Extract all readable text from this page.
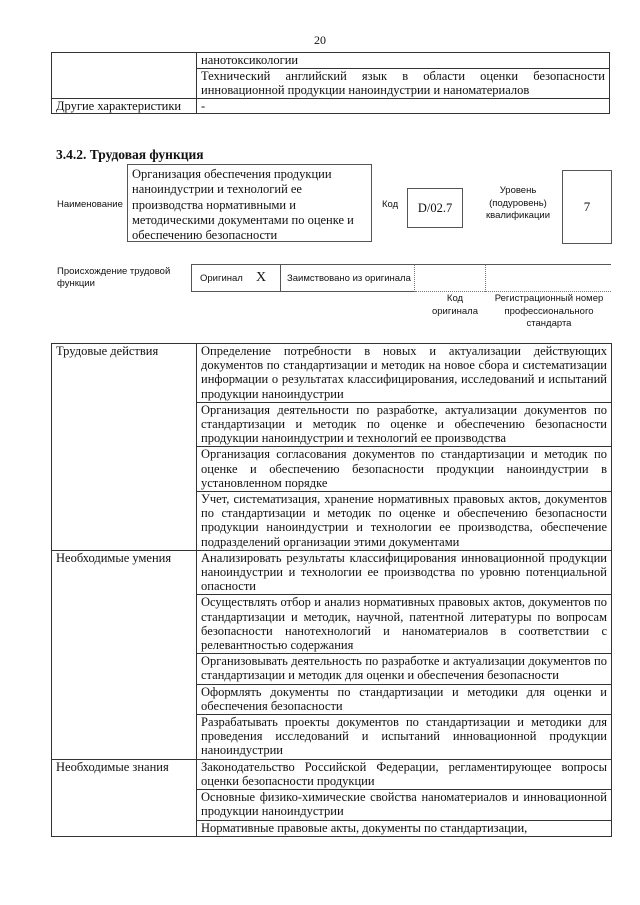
20
	нанотоксикологии
	Технический английский язык в области оценки безопасности инновационной продукции наноиндустрии и наноматериалов
Другие характеристики	-
3.4.2. Трудовая функция
Наименование
Организация обеспечения продукции наноиндустрии и технологий ее производства нормативными и методическими документами по оценке и обеспечению безопасности
Код	D/02.7
Уровень (подуровень) квалификации
7
Происхождение трудовой функции	Оригинал X Заимствовано из оригинала
Код оригинала
Регистрационный номер профессионального стандарта
Трудовые действия	Определение потребности в новых и актуализации действующих документов по стандартизации и методик на новое сбора и систематизации информации о результатах классифицирования, исследований и испытаний продукции наноиндустрии
	Организация деятельности по разработке, актуализации документов по стандартизации и методик по оценке и обеспечению безопасности продукции наноиндустрии и технологий ее производства
	Организация согласования документов по стандартизации и методик по оценке и обеспечению безопасности продукции наноиндустрии в установленном порядке
	Учет, систематизация, хранение нормативных правовых актов, документов по стандартизации и методик по оценке и обеспечению безопасности продукции наноиндустрии и технологии ее производства, обеспечение подразделений организации этими документами
Необходимые умения	Анализировать результаты классифицирования инновационной продукции наноиндустрии и технологии ее производства по уровню потенциальной опасности
	Осуществлять отбор и анализ нормативных правовых актов, документов по стандартизации и методик, научной, патентной литературы по вопросам безопасности нанотехнологий и наноматериалов в соответствии с релевантностью содержания
	Организовывать деятельность по разработке и актуализации документов по стандартизации и методик для оценки и обеспечения безопасности
	Оформлять документы по стандартизации и методики для оценки и обеспечения безопасности
	Разрабатывать проекты документов по стандартизации и методики для проведения исследований и испытаний инновационной продукции наноиндустрии
Необходимые знания	Законодательство Российской Федерации, регламентирующее вопросы оценки безопасности продукции
	Основные физико-химические свойства наноматериалов и инновационной продукции наноиндустрии
	Нормативные правовые акты, документы по стандартизации,
